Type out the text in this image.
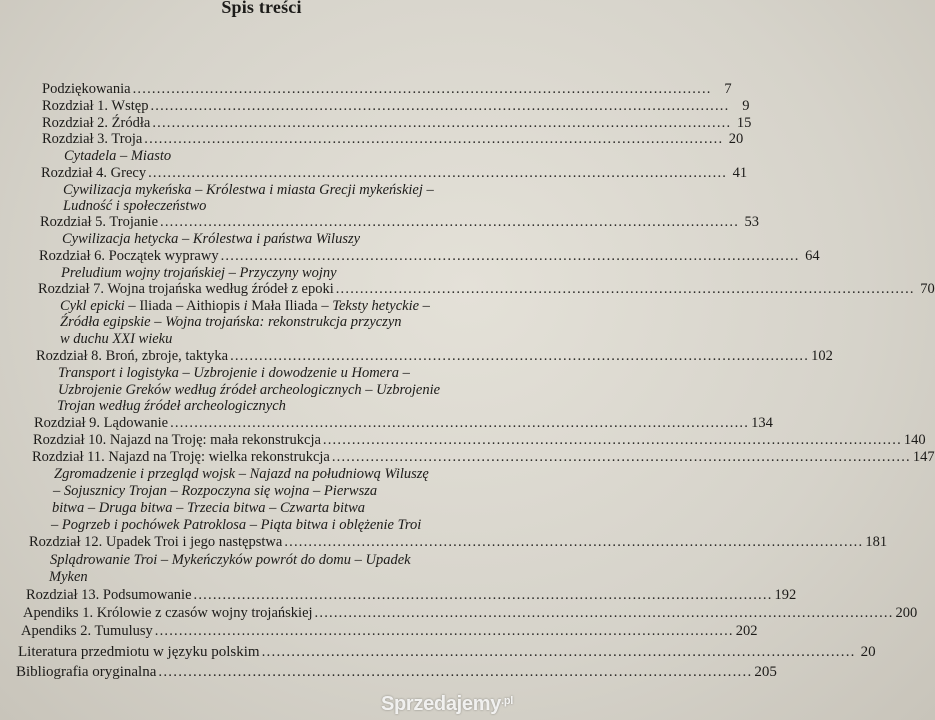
Spis treści
Podziękowania ........................................................................................................................ 7
Rozdział 1. Wstęp ........................................................................................................................ 9
Rozdział 2. Źródła ........................................................................................................................ 15
Rozdział 3. Troja ........................................................................................................................ 20
Cytadela – Miasto
Rozdział 4. Grecy ........................................................................................................................ 41
Cywilizacja mykeńska – Królestwa i miasta Grecji mykeńskiej –
Ludność i społeczeństwo
Rozdział 5. Trojanie ........................................................................................................................ 53
Cywilizacja hetycka – Królestwa i państwa Wiluszy
Rozdział 6. Początek wyprawy ........................................................................................................................ 64
Preludium wojny trojańskiej – Przyczyny wojny
Rozdział 7. Wojna trojańska według źródeł z epoki ........................................................................................................................ 70
Cykl epicki – Iliada – Aithiopis i Mała Iliada – Teksty hetyckie –
Źródła egipskie – Wojna trojańska: rekonstrukcja przyczyn
w duchu XXI wieku
Rozdział 8. Broń, zbroje, taktyka ........................................................................................................................ 102
Transport i logistyka – Uzbrojenie i dowodzenie u Homera –
Uzbrojenie Greków według źródeł archeologicznych – Uzbrojenie
Trojan według źródeł archeologicznych
Rozdział 9. Lądowanie ........................................................................................................................ 134
Rozdział 10. Najazd na Troję: mała rekonstrukcja ........................................................................................................................ 140
Rozdział 11. Najazd na Troję: wielka rekonstrukcja ........................................................................................................................ 147
Zgromadzenie i przegląd wojsk – Najazd na południową Wiluszę
– Sojusznicy Trojan – Rozpoczyna się wojna – Pierwsza
bitwa – Druga bitwa – Trzecia bitwa – Czwarta bitwa
– Pogrzeb i pochówek Patroklosa – Piąta bitwa i oblężenie Troi
Rozdział 12. Upadek Troi i jego następstwa ........................................................................................................................ 181
Splądrowanie Troi – Mykeńczyków powrót do domu – Upadek
Myken
Rozdział 13. Podsumowanie ........................................................................................................................ 192
Apendiks 1. Królowie z czasów wojny trojańskiej ........................................................................................................................ 200
Apendiks 2. Tumulusy ........................................................................................................................ 202
Literatura przedmiotu w języku polskim ........................................................................................................................ 20
Bibliografia oryginalna ........................................................................................................................ 205
Sprzedajemy$^{.pl}$
